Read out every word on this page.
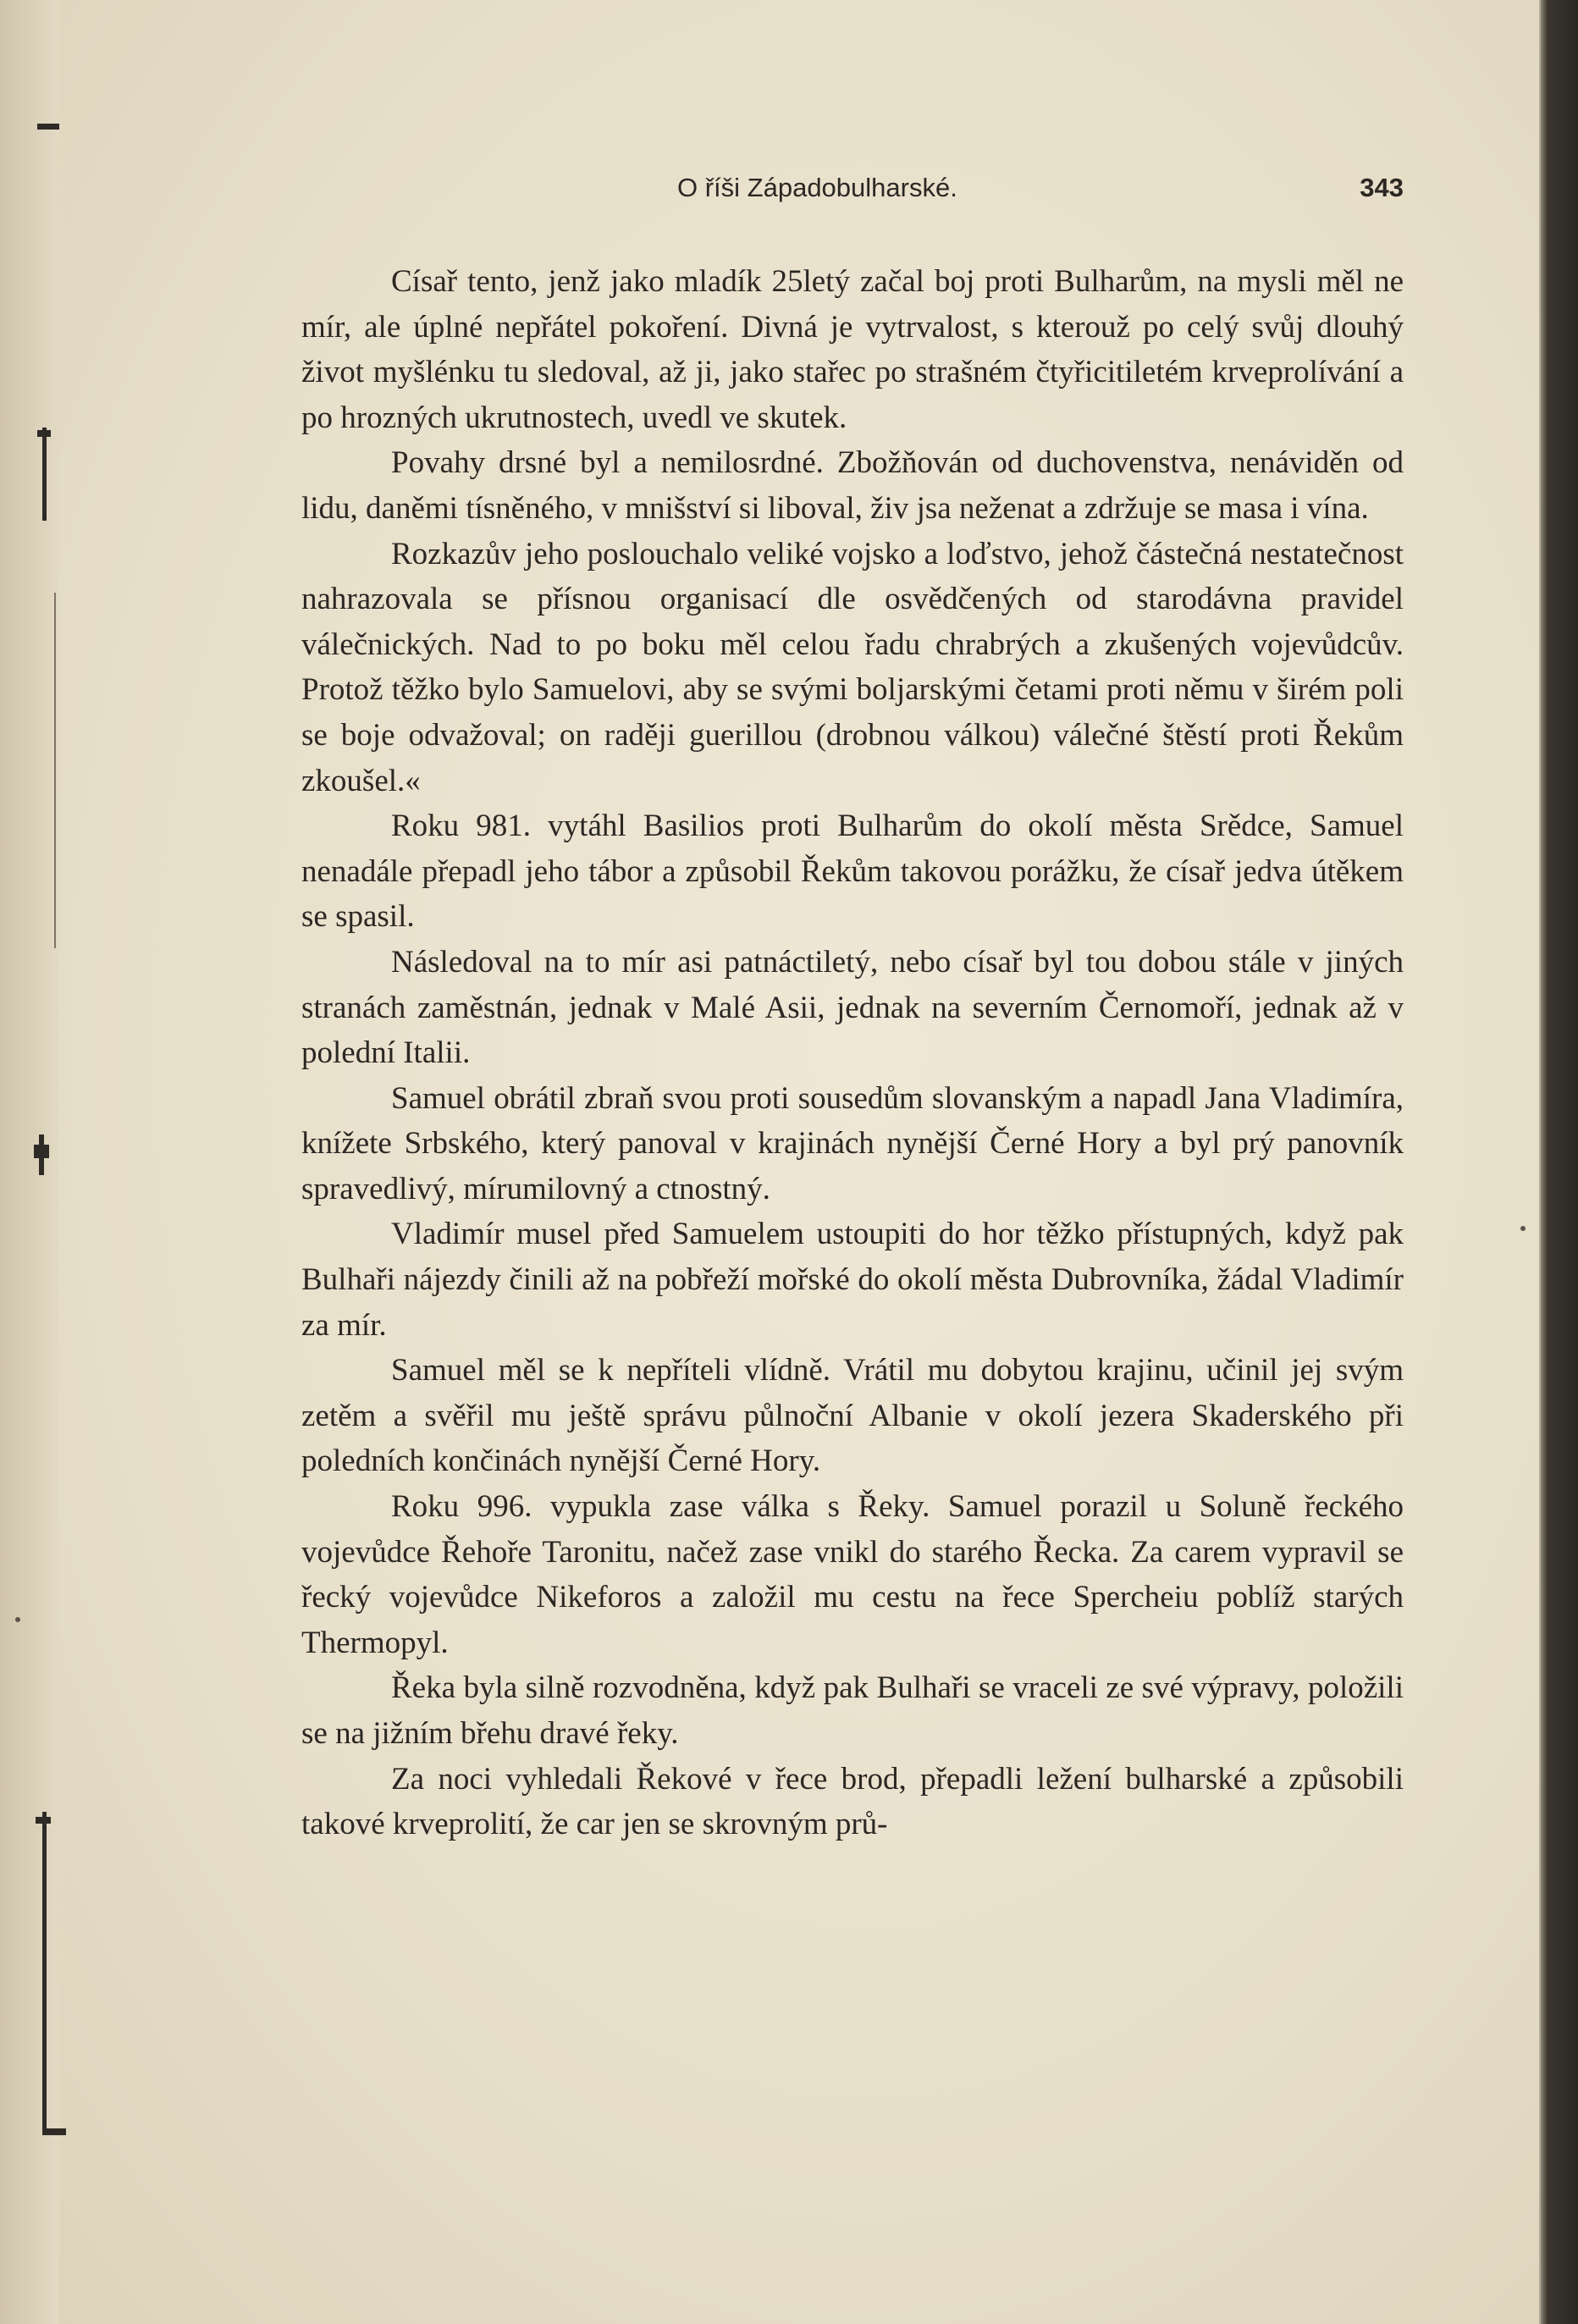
O říši Západobulharské.	343

Císař tento, jenž jako mladík 25letý začal boj proti Bulharům, na mysli měl ne mír, ale úplné nepřátel pokoření. Divná je vytrvalost, s kterouž po celý svůj dlouhý život myšlénku tu sledoval, až ji, jako stařec po strašném čtyřicitiletém krveprolívání a po hrozných ukrutnostech, uvedl ve skutek.

Povahy drsné byl a nemilosrdné. Zbožňován od duchovenstva, nenáviděn od lidu, daněmi tísněného, v mnišství si liboval, živ jsa neženat a zdržuje se masa i vína.

Rozkazův jeho poslouchalo veliké vojsko a loďstvo, jehož částečná nestatečnost nahrazovala se přísnou organisací dle osvědčených od starodávna pravidel válečnických. Nad to po boku měl celou řadu chrabrých a zkušených vojevůdcův. Protož těžko bylo Samuelovi, aby se svými boljarskými četami proti němu v širém poli se boje odvažoval; on raději guerillou (drobnou válkou) válečné štěstí proti Řekům zkoušel.«

Roku 981. vytáhl Basilios proti Bulharům do okolí města Srědce, Samuel nenadále přepadl jeho tábor a způsobil Řekům takovou porážku, že císař jedva útěkem se spasil.

Následoval na to mír asi patnáctiletý, nebo císař byl tou dobou stále v jiných stranách zaměstnán, jednak v Malé Asii, jednak na severním Černomoří, jednak až v polední Italii.

Samuel obrátil zbraň svou proti sousedům slovanským a napadl Jana Vladimíra, knížete Srbského, který panoval v krajinách nynější Černé Hory a byl prý panovník spravedlivý, mírumilovný a ctnostný.

Vladimír musel před Samuelem ustoupiti do hor těžko přístupných, když pak Bulhaři nájezdy činili až na pobřeží mořské do okolí města Dubrovníka, žádal Vladimír za mír.

Samuel měl se k nepříteli vlídně. Vrátil mu dobytou krajinu, učinil jej svým zetěm a svěřil mu ještě správu půlnoční Albanie v okolí jezera Skaderského při poledních končinách nynější Černé Hory.

Roku 996. vypukla zase válka s Řeky. Samuel porazil u Soluně řeckého vojevůdce Řehoře Taronitu, načež zase vnikl do starého Řecka. Za carem vypravil se řecký vojevůdce Nikeforos a založil mu cestu na řece Spercheiu poblíž starých Thermopyl.

Řeka byla silně rozvodněna, když pak Bulhaři se vraceli ze své výpravy, položili se na jižním břehu dravé řeky.

Za noci vyhledali Řekové v řece brod, přepadli ležení bulharské a způsobili takové krveprolití, že car jen se skrovným prů-
